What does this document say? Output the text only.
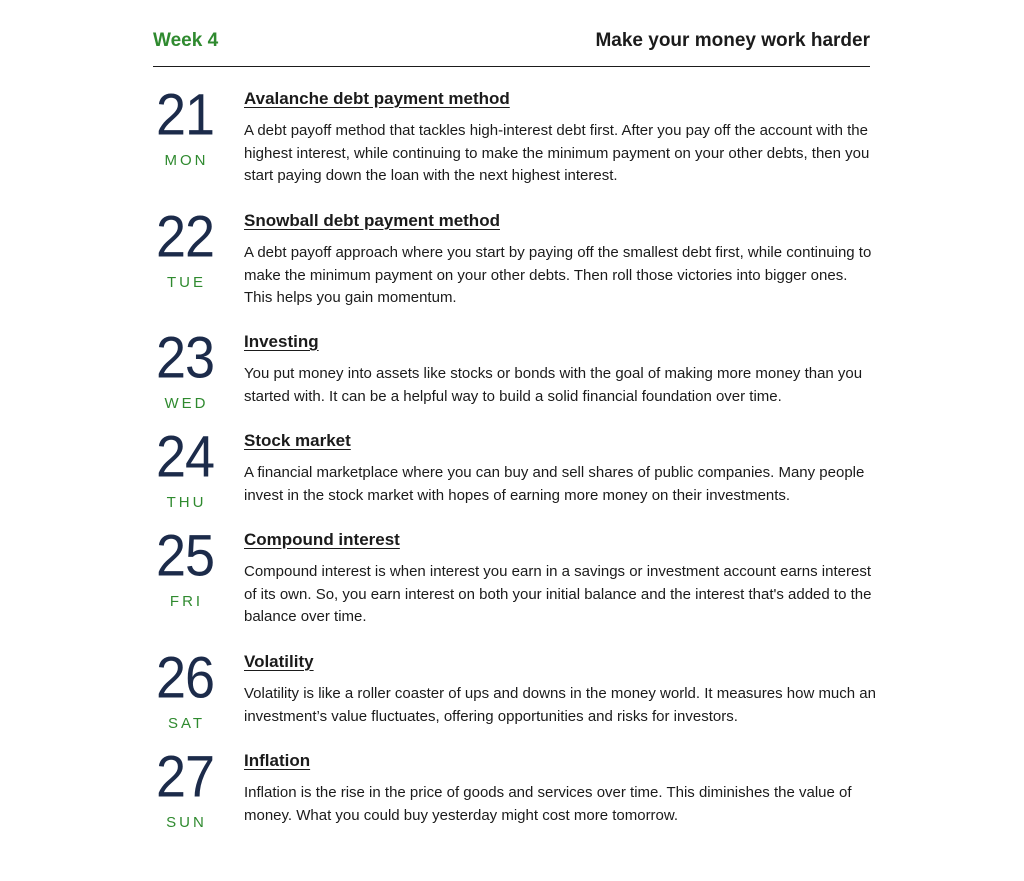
Week 4	Make your money work harder
21
MON
Avalanche debt payment method

A debt payoff method that tackles high-interest debt first. After you pay off the account with the highest interest, while continuing to make the minimum payment on your other debts, then you start paying down the loan with the next highest interest.

22
TUE
Snowball debt payment method

A debt payoff approach where you start by paying off the smallest debt first, while continuing to make the minimum payment on your other debts. Then roll those victories into bigger ones. This helps you gain momentum.

23
WED
Investing

You put money into assets like stocks or bonds with the goal of making more money than you started with. It can be a helpful way to build a solid financial foundation over time.

24
THU
Stock market

A financial marketplace where you can buy and sell shares of public companies. Many people invest in the stock market with hopes of earning more money on their investments.

25
FRI
Compound interest

Compound interest is when interest you earn in a savings or investment account earns interest of its own. So, you earn interest on both your initial balance and the interest that's added to the balance over time.

26
SAT
Volatility

Volatility is like a roller coaster of ups and downs in the money world. It measures how much an investment’s value fluctuates, offering opportunities and risks for investors.

27
SUN
Inflation

Inflation is the rise in the price of goods and services over time. This diminishes the value of money. What you could buy yesterday might cost more tomorrow.
